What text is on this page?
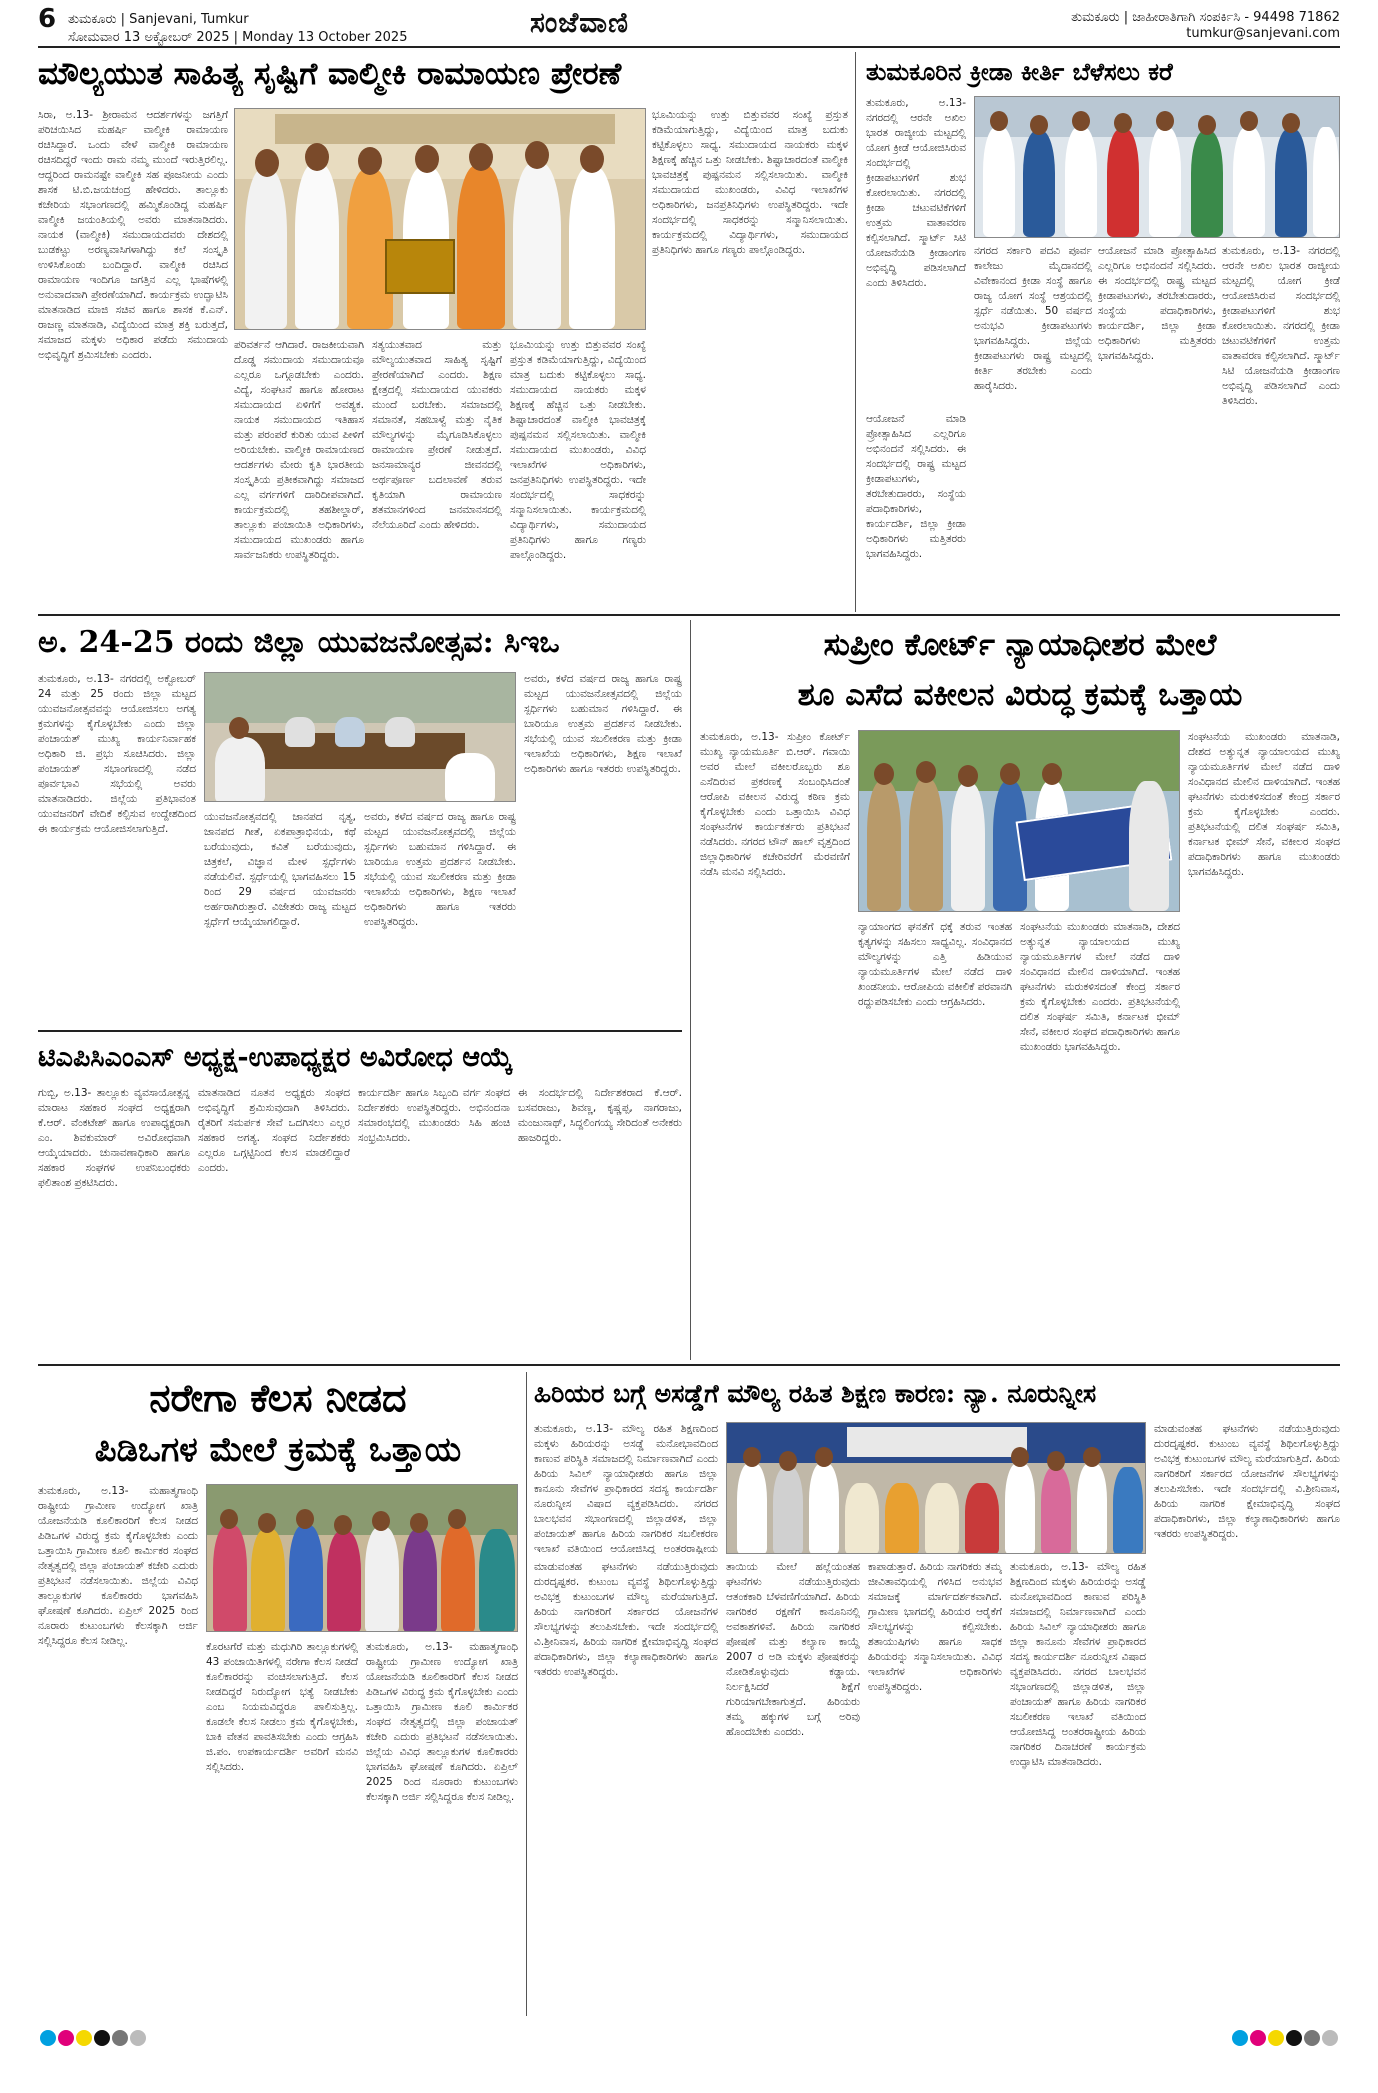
6 ತುಮಕೂರು | Sanjevani, Tumkur
ಸೋಮವಾರ 13 ಅಕ್ಟೋಬರ್ 2025 | Monday 13 October 2025	ಸಂಜೆವಾಣಿ	ತುಮಕೂರು | ಜಾಹೀರಾತಿಗಾಗಿ ಸಂಪರ್ಕಿಸಿ - 94498 71862
tumkur@sanjevani.com
ಮೌಲ್ಯಯುತ ಸಾಹಿತ್ಯ ಸೃಷ್ಟಿಗೆ ವಾಲ್ಮೀಕಿ ರಾಮಾಯಣ ಪ್ರೇರಣೆ
ಸಿರಾ, ಅ.13- ಶ್ರೀರಾಮನ ಆದರ್ಶಗಳನ್ನು ಜಗತ್ತಿಗೆ ಪರಿಚಯಿಸಿದ ಮಹರ್ಷಿ ವಾಲ್ಮೀಕಿ ರಾಮಾಯಣ ರಚಿಸಿದ್ದಾರೆ. ಒಂದು ವೇಳೆ ವಾಲ್ಮೀಕಿ ರಾಮಾಯಣ ರಚಿಸದಿದ್ದರೆ ಇಂದು ರಾಮ ನಮ್ಮ ಮುಂದೆ ಇರುತ್ತಿರಲಿಲ್ಲ. ಆದ್ದರಿಂದ ರಾಮನಷ್ಟೇ ವಾಲ್ಮೀಕಿ ಸಹ ಪೂಜನೀಯ ಎಂದು ಶಾಸಕ ಟಿ.ಬಿ.ಜಯಚಂದ್ರ ಹೇಳಿದರು. ತಾಲ್ಲೂಕು ಕಚೇರಿಯ ಸಭಾಂಗಣದಲ್ಲಿ ಹಮ್ಮಿಕೊಂಡಿದ್ದ ಮಹರ್ಷಿ ವಾಲ್ಮೀಕಿ ಜಯಂತಿಯಲ್ಲಿ ಅವರು ಮಾತನಾಡಿದರು. ನಾಯಕ (ವಾಲ್ಮೀಕಿ) ಸಮುದಾಯದವರು ದೇಶದಲ್ಲಿ ಬುಡಕಟ್ಟು ಅರಣ್ಯವಾಸಿಗಳಾಗಿದ್ದು ಕಲೆ ಸಂಸ್ಕೃತಿ ಉಳಿಸಿಕೊಂಡು ಬಂದಿದ್ದಾರೆ. ವಾಲ್ಮೀಕಿ ರಚಿಸಿದ ರಾಮಾಯಣ ಇಂದಿಗೂ ಜಗತ್ತಿನ ಎಲ್ಲ ಭಾಷೆಗಳಲ್ಲಿ ಅನುವಾದವಾಗಿ ಪ್ರೇರಣೆಯಾಗಿದೆ. ಕಾರ್ಯಕ್ರಮ ಉದ್ಘಾಟಿಸಿ ಮಾತನಾಡಿದ ಮಾಜಿ ಸಚಿವ ಹಾಗೂ ಶಾಸಕ ಕೆ.ಎನ್. ರಾಜಣ್ಣ ಮಾತನಾಡಿ, ವಿದ್ಯೆಯಿಂದ ಮಾತ್ರ ಶಕ್ತಿ ಬರುತ್ತದೆ, ಸಮಾಜದ ಮಕ್ಕಳು ಅಧಿಕಾರ ಪಡೆದು ಸಮುದಾಯ ಅಭಿವೃದ್ಧಿಗೆ ಶ್ರಮಿಸಬೇಕು ಎಂದರು.
ಪರಿವರ್ತನೆ ಆಗಿದಾರೆ. ರಾಜಕೀಯವಾಗಿ ದೊಡ್ಡ ಸಮುದಾಯ ಸಮುದಾಯವೂ ಎಲ್ಲರೂ ಒಗ್ಗೂಡಬೇಕು ಎಂದರು. ವಿದ್ಯೆ, ಸಂಘಟನೆ ಹಾಗೂ ಹೋರಾಟ ಸಮುದಾಯದ ಏಳಿಗೆಗೆ ಅವಶ್ಯಕ. ನಾಯಕ ಸಮುದಾಯದ ಇತಿಹಾಸ ಮತ್ತು ಪರಂಪರೆ ಕುರಿತು ಯುವ ಪೀಳಿಗೆ ಅರಿಯಬೇಕು. ವಾಲ್ಮೀಕಿ ರಾಮಾಯಣದ ಆದರ್ಶಗಳು ಮೇರು ಕೃತಿ ಭಾರತೀಯ ಸಂಸ್ಕೃತಿಯ ಪ್ರತೀಕವಾಗಿದ್ದು ಸಮಾಜದ ಎಲ್ಲ ವರ್ಗಗಳಿಗೆ ದಾರಿದೀಪವಾಗಿದೆ. ಕಾರ್ಯಕ್ರಮದಲ್ಲಿ ತಹಶೀಲ್ದಾರ್, ತಾಲ್ಲೂಕು ಪಂಚಾಯಿತಿ ಅಧಿಕಾರಿಗಳು, ಸಮುದಾಯದ ಮುಖಂಡರು ಹಾಗೂ ಸಾರ್ವಜನಿಕರು ಉಪಸ್ಥಿತರಿದ್ದರು.
ಸತ್ಯಯುತವಾದ ಮತ್ತು ಮೌಲ್ಯಯುತವಾದ ಸಾಹಿತ್ಯ ಸೃಷ್ಟಿಗೆ ಪ್ರೇರಣೆಯಾಗಿದೆ ಎಂದರು. ಶಿಕ್ಷಣ ಕ್ಷೇತ್ರದಲ್ಲಿ ಸಮುದಾಯದ ಯುವಕರು ಮುಂದೆ ಬರಬೇಕು. ಸಮಾಜದಲ್ಲಿ ಸಮಾನತೆ, ಸಹಬಾಳ್ವೆ ಮತ್ತು ನೈತಿಕ ಮೌಲ್ಯಗಳನ್ನು ಮೈಗೂಡಿಸಿಕೊಳ್ಳಲು ರಾಮಾಯಣ ಪ್ರೇರಣೆ ನೀಡುತ್ತದೆ. ಜನಸಾಮಾನ್ಯರ ಜೀವನದಲ್ಲಿ ಅರ್ಥಪೂರ್ಣ ಬದಲಾವಣೆ ತರುವ ಕೃತಿಯಾಗಿ ರಾಮಾಯಣ ಶತಮಾನಗಳಿಂದ ಜನಮಾನಸದಲ್ಲಿ ನೆಲೆಯೂರಿದೆ ಎಂದು ಹೇಳಿದರು.
ಭೂಮಿಯನ್ನು ಉತ್ತು ಬಿತ್ತುವವರ ಸಂಖ್ಯೆ ಪ್ರಸ್ತುತ ಕಡಿಮೆಯಾಗುತ್ತಿದ್ದು, ವಿದ್ಯೆಯಿಂದ ಮಾತ್ರ ಬದುಕು ಕಟ್ಟಿಕೊಳ್ಳಲು ಸಾಧ್ಯ. ಸಮುದಾಯದ ನಾಯಕರು ಮಕ್ಕಳ ಶಿಕ್ಷಣಕ್ಕೆ ಹೆಚ್ಚಿನ ಒತ್ತು ನೀಡಬೇಕು. ಶಿಷ್ಟಾಚಾರದಂತೆ ವಾಲ್ಮೀಕಿ ಭಾವಚಿತ್ರಕ್ಕೆ ಪುಷ್ಪನಮನ ಸಲ್ಲಿಸಲಾಯಿತು. ವಾಲ್ಮೀಕಿ ಸಮುದಾಯದ ಮುಖಂಡರು, ವಿವಿಧ ಇಲಾಖೆಗಳ ಅಧಿಕಾರಿಗಳು, ಜನಪ್ರತಿನಿಧಿಗಳು ಉಪಸ್ಥಿತರಿದ್ದರು. ಇದೇ ಸಂದರ್ಭದಲ್ಲಿ ಸಾಧಕರನ್ನು ಸನ್ಮಾನಿಸಲಾಯಿತು. ಕಾರ್ಯಕ್ರಮದಲ್ಲಿ ವಿದ್ಯಾರ್ಥಿಗಳು, ಸಮುದಾಯದ ಪ್ರತಿನಿಧಿಗಳು ಹಾಗೂ ಗಣ್ಯರು ಪಾಲ್ಗೊಂಡಿದ್ದರು.
ಭೂಮಿಯನ್ನು ಉತ್ತು ಬಿತ್ತುವವರ ಸಂಖ್ಯೆ ಪ್ರಸ್ತುತ ಕಡಿಮೆಯಾಗುತ್ತಿದ್ದು, ವಿದ್ಯೆಯಿಂದ ಮಾತ್ರ ಬದುಕು ಕಟ್ಟಿಕೊಳ್ಳಲು ಸಾಧ್ಯ. ಸಮುದಾಯದ ನಾಯಕರು ಮಕ್ಕಳ ಶಿಕ್ಷಣಕ್ಕೆ ಹೆಚ್ಚಿನ ಒತ್ತು ನೀಡಬೇಕು. ಶಿಷ್ಟಾಚಾರದಂತೆ ವಾಲ್ಮೀಕಿ ಭಾವಚಿತ್ರಕ್ಕೆ ಪುಷ್ಪನಮನ ಸಲ್ಲಿಸಲಾಯಿತು. ವಾಲ್ಮೀಕಿ ಸಮುದಾಯದ ಮುಖಂಡರು, ವಿವಿಧ ಇಲಾಖೆಗಳ ಅಧಿಕಾರಿಗಳು, ಜನಪ್ರತಿನಿಧಿಗಳು ಉಪಸ್ಥಿತರಿದ್ದರು. ಇದೇ ಸಂದರ್ಭದಲ್ಲಿ ಸಾಧಕರನ್ನು ಸನ್ಮಾನಿಸಲಾಯಿತು. ಕಾರ್ಯಕ್ರಮದಲ್ಲಿ ವಿದ್ಯಾರ್ಥಿಗಳು, ಸಮುದಾಯದ ಪ್ರತಿನಿಧಿಗಳು ಹಾಗೂ ಗಣ್ಯರು ಪಾಲ್ಗೊಂಡಿದ್ದರು.
ತುಮಕೂರಿನ ಕ್ರೀಡಾ ಕೀರ್ತಿ ಬೆಳೆಸಲು ಕರೆ
ತುಮಕೂರು, ಅ.13- ನಗರದಲ್ಲಿ ಆರನೇ ಅಖಿಲ ಭಾರತ ರಾಜ್ಯೀಯ ಮಟ್ಟದಲ್ಲಿ ಯೋಗ ಕ್ರೀಡೆ ಆಯೋಜಿಸಿರುವ ಸಂದರ್ಭದಲ್ಲಿ ಕ್ರೀಡಾಪಟುಗಳಿಗೆ ಶುಭ ಕೋರಲಾಯಿತು. ನಗರದಲ್ಲಿ ಕ್ರೀಡಾ ಚಟುವಟಿಕೆಗಳಿಗೆ ಉತ್ತಮ ವಾತಾವರಣ ಕಲ್ಪಿಸಲಾಗಿದೆ. ಸ್ಮಾರ್ಟ್ ಸಿಟಿ ಯೋಜನೆಯಡಿ ಕ್ರೀಡಾಂಗಣ ಅಭಿವೃದ್ಧಿ ಪಡಿಸಲಾಗಿದೆ ಎಂದು ತಿಳಿಸಿದರು.
ನಗರದ ಸರ್ಕಾರಿ ಪದವಿ ಪೂರ್ವ ಕಾಲೇಜು ಮೈದಾನದಲ್ಲಿ ವಿವೇಕಾನಂದ ಕ್ರೀಡಾ ಸಂಸ್ಥೆ ಹಾಗೂ ರಾಜ್ಯ ಯೋಗ ಸಂಸ್ಥೆ ಆಶ್ರಯದಲ್ಲಿ ಸ್ಪರ್ಧೆ ನಡೆಯಿತು. 50 ವರ್ಷದ ಅನುಭವಿ ಕ್ರೀಡಾಪಟುಗಳು ಭಾಗವಹಿಸಿದ್ದರು. ಜಿಲ್ಲೆಯ ಕ್ರೀಡಾಪಟುಗಳು ರಾಷ್ಟ್ರ ಮಟ್ಟದಲ್ಲಿ ಕೀರ್ತಿ ತರಬೇಕು ಎಂದು ಹಾರೈಸಿದರು.
ಆಯೋಜನೆ ಮಾಡಿ ಪ್ರೋತ್ಸಾಹಿಸಿದ ಎಲ್ಲರಿಗೂ ಅಭಿನಂದನೆ ಸಲ್ಲಿಸಿದರು. ಈ ಸಂದರ್ಭದಲ್ಲಿ ರಾಷ್ಟ್ರ ಮಟ್ಟದ ಕ್ರೀಡಾಪಟುಗಳು, ತರಬೇತುದಾರರು, ಸಂಸ್ಥೆಯ ಪದಾಧಿಕಾರಿಗಳು, ಕಾರ್ಯದರ್ಶಿ, ಜಿಲ್ಲಾ ಕ್ರೀಡಾ ಅಧಿಕಾರಿಗಳು ಮತ್ತಿತರರು ಭಾಗವಹಿಸಿದ್ದರು.
ತುಮಕೂರು, ಅ.13- ನಗರದಲ್ಲಿ ಆರನೇ ಅಖಿಲ ಭಾರತ ರಾಜ್ಯೀಯ ಮಟ್ಟದಲ್ಲಿ ಯೋಗ ಕ್ರೀಡೆ ಆಯೋಜಿಸಿರುವ ಸಂದರ್ಭದಲ್ಲಿ ಕ್ರೀಡಾಪಟುಗಳಿಗೆ ಶುಭ ಕೋರಲಾಯಿತು. ನಗರದಲ್ಲಿ ಕ್ರೀಡಾ ಚಟುವಟಿಕೆಗಳಿಗೆ ಉತ್ತಮ ವಾತಾವರಣ ಕಲ್ಪಿಸಲಾಗಿದೆ. ಸ್ಮಾರ್ಟ್ ಸಿಟಿ ಯೋಜನೆಯಡಿ ಕ್ರೀಡಾಂಗಣ ಅಭಿವೃದ್ಧಿ ಪಡಿಸಲಾಗಿದೆ ಎಂದು ತಿಳಿಸಿದರು.
ಆಯೋಜನೆ ಮಾಡಿ ಪ್ರೋತ್ಸಾಹಿಸಿದ ಎಲ್ಲರಿಗೂ ಅಭಿನಂದನೆ ಸಲ್ಲಿಸಿದರು. ಈ ಸಂದರ್ಭದಲ್ಲಿ ರಾಷ್ಟ್ರ ಮಟ್ಟದ ಕ್ರೀಡಾಪಟುಗಳು, ತರಬೇತುದಾರರು, ಸಂಸ್ಥೆಯ ಪದಾಧಿಕಾರಿಗಳು, ಕಾರ್ಯದರ್ಶಿ, ಜಿಲ್ಲಾ ಕ್ರೀಡಾ ಅಧಿಕಾರಿಗಳು ಮತ್ತಿತರರು ಭಾಗವಹಿಸಿದ್ದರು.
ಅ. 24-25 ರಂದು ಜಿಲ್ಲಾ ಯುವಜನೋತ್ಸವ: ಸಿಇಒ
ತುಮಕೂರು, ಅ.13- ನಗರದಲ್ಲಿ ಅಕ್ಟೋಬರ್ 24 ಮತ್ತು 25 ರಂದು ಜಿಲ್ಲಾ ಮಟ್ಟದ ಯುವಜನೋತ್ಸವವನ್ನು ಆಯೋಜಿಸಲು ಅಗತ್ಯ ಕ್ರಮಗಳನ್ನು ಕೈಗೊಳ್ಳಬೇಕು ಎಂದು ಜಿಲ್ಲಾ ಪಂಚಾಯತ್ ಮುಖ್ಯ ಕಾರ್ಯನಿರ್ವಾಹಕ ಅಧಿಕಾರಿ ಜಿ. ಪ್ರಭು ಸೂಚಿಸಿದರು. ಜಿಲ್ಲಾ ಪಂಚಾಯತ್ ಸಭಾಂಗಣದಲ್ಲಿ ನಡೆದ ಪೂರ್ವಭಾವಿ ಸಭೆಯಲ್ಲಿ ಅವರು ಮಾತನಾಡಿದರು. ಜಿಲ್ಲೆಯ ಪ್ರತಿಭಾವಂತ ಯುವಜನರಿಗೆ ವೇದಿಕೆ ಕಲ್ಪಿಸುವ ಉದ್ದೇಶದಿಂದ ಈ ಕಾರ್ಯಕ್ರಮ ಆಯೋಜಿಸಲಾಗುತ್ತಿದೆ.
ಯುವಜನೋತ್ಸವದಲ್ಲಿ ಜಾನಪದ ನೃತ್ಯ, ಜಾನಪದ ಗೀತೆ, ಏಕಪಾತ್ರಾಭಿನಯ, ಕಥೆ ಬರೆಯುವುದು, ಕವಿತೆ ಬರೆಯುವುದು, ಚಿತ್ರಕಲೆ, ವಿಜ್ಞಾನ ಮೇಳ ಸ್ಪರ್ಧೆಗಳು ನಡೆಯಲಿವೆ. ಸ್ಪರ್ಧೆಯಲ್ಲಿ ಭಾಗವಹಿಸಲು 15 ರಿಂದ 29 ವರ್ಷದ ಯುವಜನರು ಅರ್ಹರಾಗಿರುತ್ತಾರೆ. ವಿಜೇತರು ರಾಜ್ಯ ಮಟ್ಟದ ಸ್ಪರ್ಧೆಗೆ ಆಯ್ಕೆಯಾಗಲಿದ್ದಾರೆ.
ಅವರು, ಕಳೆದ ವರ್ಷದ ರಾಜ್ಯ ಹಾಗೂ ರಾಷ್ಟ್ರ ಮಟ್ಟದ ಯುವಜನೋತ್ಸವದಲ್ಲಿ ಜಿಲ್ಲೆಯ ಸ್ಪರ್ಧಿಗಳು ಬಹುಮಾನ ಗಳಿಸಿದ್ದಾರೆ. ಈ ಬಾರಿಯೂ ಉತ್ತಮ ಪ್ರದರ್ಶನ ನೀಡಬೇಕು. ಸಭೆಯಲ್ಲಿ ಯುವ ಸಬಲೀಕರಣ ಮತ್ತು ಕ್ರೀಡಾ ಇಲಾಖೆಯ ಅಧಿಕಾರಿಗಳು, ಶಿಕ್ಷಣ ಇಲಾಖೆ ಅಧಿಕಾರಿಗಳು ಹಾಗೂ ಇತರರು ಉಪಸ್ಥಿತರಿದ್ದರು.
ಅವರು, ಕಳೆದ ವರ್ಷದ ರಾಜ್ಯ ಹಾಗೂ ರಾಷ್ಟ್ರ ಮಟ್ಟದ ಯುವಜನೋತ್ಸವದಲ್ಲಿ ಜಿಲ್ಲೆಯ ಸ್ಪರ್ಧಿಗಳು ಬಹುಮಾನ ಗಳಿಸಿದ್ದಾರೆ. ಈ ಬಾರಿಯೂ ಉತ್ತಮ ಪ್ರದರ್ಶನ ನೀಡಬೇಕು. ಸಭೆಯಲ್ಲಿ ಯುವ ಸಬಲೀಕರಣ ಮತ್ತು ಕ್ರೀಡಾ ಇಲಾಖೆಯ ಅಧಿಕಾರಿಗಳು, ಶಿಕ್ಷಣ ಇಲಾಖೆ ಅಧಿಕಾರಿಗಳು ಹಾಗೂ ಇತರರು ಉಪಸ್ಥಿತರಿದ್ದರು.
ಟಿಎಪಿಸಿಎಂಎಸ್ ಅಧ್ಯಕ್ಷ-ಉಪಾಧ್ಯಕ್ಷರ ಅವಿರೋಧ ಆಯ್ಕೆ
ಗುಬ್ಬಿ, ಅ.13- ತಾಲ್ಲೂಕು ವ್ಯವಸಾಯೋತ್ಪನ್ನ ಮಾರಾಟ ಸಹಕಾರ ಸಂಘದ ಅಧ್ಯಕ್ಷರಾಗಿ ಕೆ.ಆರ್. ವೆಂಕಟೇಶ್ ಹಾಗೂ ಉಪಾಧ್ಯಕ್ಷರಾಗಿ ಎಂ. ಶಿವಕುಮಾರ್ ಅವಿರೋಧವಾಗಿ ಆಯ್ಕೆಯಾದರು. ಚುನಾವಣಾಧಿಕಾರಿ ಹಾಗೂ ಸಹಕಾರ ಸಂಘಗಳ ಉಪನಿಬಂಧಕರು ಫಲಿತಾಂಶ ಪ್ರಕಟಿಸಿದರು.
ಮಾತನಾಡಿದ ನೂತನ ಅಧ್ಯಕ್ಷರು ಸಂಘದ ಅಭಿವೃದ್ಧಿಗೆ ಶ್ರಮಿಸುವುದಾಗಿ ತಿಳಿಸಿದರು. ರೈತರಿಗೆ ಸಮರ್ಪಕ ಸೇವೆ ಒದಗಿಸಲು ಎಲ್ಲರ ಸಹಕಾರ ಅಗತ್ಯ. ಸಂಘದ ನಿರ್ದೇಶಕರು ಎಲ್ಲರೂ ಒಗ್ಗಟ್ಟಿನಿಂದ ಕೆಲಸ ಮಾಡಲಿದ್ದಾರೆ ಎಂದರು.
ಕಾರ್ಯದರ್ಶಿ ಹಾಗೂ ಸಿಬ್ಬಂದಿ ವರ್ಗ ಸಂಘದ ನಿರ್ದೇಶಕರು ಉಪಸ್ಥಿತರಿದ್ದರು. ಅಭಿನಂದನಾ ಸಮಾರಂಭದಲ್ಲಿ ಮುಖಂಡರು ಸಿಹಿ ಹಂಚಿ ಸಂಭ್ರಮಿಸಿದರು.
ಈ ಸಂದರ್ಭದಲ್ಲಿ ನಿರ್ದೇಶಕರಾದ ಕೆ.ಆರ್. ಬಸವರಾಜು, ಶಿವಣ್ಣ, ಕೃಷ್ಣಪ್ಪ, ನಾಗರಾಜು, ಮಂಜುನಾಥ್, ಸಿದ್ದಲಿಂಗಯ್ಯ ಸೇರಿದಂತೆ ಅನೇಕರು ಹಾಜರಿದ್ದರು.
ಸುಪ್ರೀಂ ಕೋರ್ಟ್ ನ್ಯಾಯಾಧೀಶರ ಮೇಲೆ
ಶೂ ಎಸೆದ ವಕೀಲನ ವಿರುದ್ಧ ಕ್ರಮಕ್ಕೆ ಒತ್ತಾಯ
ತುಮಕೂರು, ಅ.13- ಸುಪ್ರೀಂ ಕೋರ್ಟ್ ಮುಖ್ಯ ನ್ಯಾಯಮೂರ್ತಿ ಬಿ.ಆರ್. ಗವಾಯಿ ಅವರ ಮೇಲೆ ವಕೀಲರೊಬ್ಬರು ಶೂ ಎಸೆದಿರುವ ಪ್ರಕರಣಕ್ಕೆ ಸಂಬಂಧಿಸಿದಂತೆ ಆರೋಪಿ ವಕೀಲನ ವಿರುದ್ಧ ಕಠಿಣ ಕ್ರಮ ಕೈಗೊಳ್ಳಬೇಕು ಎಂದು ಒತ್ತಾಯಿಸಿ ವಿವಿಧ ಸಂಘಟನೆಗಳ ಕಾರ್ಯಕರ್ತರು ಪ್ರತಿಭಟನೆ ನಡೆಸಿದರು. ನಗರದ ಟೌನ್ ಹಾಲ್ ವೃತ್ತದಿಂದ ಜಿಲ್ಲಾಧಿಕಾರಿಗಳ ಕಚೇರಿವರೆಗೆ ಮೆರವಣಿಗೆ ನಡೆಸಿ ಮನವಿ ಸಲ್ಲಿಸಿದರು.
ನ್ಯಾಯಾಂಗದ ಘನತೆಗೆ ಧಕ್ಕೆ ತರುವ ಇಂತಹ ಕೃತ್ಯಗಳನ್ನು ಸಹಿಸಲು ಸಾಧ್ಯವಿಲ್ಲ. ಸಂವಿಧಾನದ ಮೌಲ್ಯಗಳನ್ನು ಎತ್ತಿ ಹಿಡಿಯುವ ನ್ಯಾಯಮೂರ್ತಿಗಳ ಮೇಲೆ ನಡೆದ ದಾಳಿ ಖಂಡನೀಯ. ಆರೋಪಿಯ ವಕೀಲಿಕೆ ಪರವಾನಗಿ ರದ್ದುಪಡಿಸಬೇಕು ಎಂದು ಆಗ್ರಹಿಸಿದರು.
ಸಂಘಟನೆಯ ಮುಖಂಡರು ಮಾತನಾಡಿ, ದೇಶದ ಅತ್ಯುನ್ನತ ನ್ಯಾಯಾಲಯದ ಮುಖ್ಯ ನ್ಯಾಯಮೂರ್ತಿಗಳ ಮೇಲೆ ನಡೆದ ದಾಳಿ ಸಂವಿಧಾನದ ಮೇಲಿನ ದಾಳಿಯಾಗಿದೆ. ಇಂತಹ ಘಟನೆಗಳು ಮರುಕಳಿಸದಂತೆ ಕೇಂದ್ರ ಸರ್ಕಾರ ಕ್ರಮ ಕೈಗೊಳ್ಳಬೇಕು ಎಂದರು. ಪ್ರತಿಭಟನೆಯಲ್ಲಿ ದಲಿತ ಸಂಘರ್ಷ ಸಮಿತಿ, ಕರ್ನಾಟಕ ಭೀಮ್ ಸೇನೆ, ವಕೀಲರ ಸಂಘದ ಪದಾಧಿಕಾರಿಗಳು ಹಾಗೂ ಮುಖಂಡರು ಭಾಗವಹಿಸಿದ್ದರು.
ಸಂಘಟನೆಯ ಮುಖಂಡರು ಮಾತನಾಡಿ, ದೇಶದ ಅತ್ಯುನ್ನತ ನ್ಯಾಯಾಲಯದ ಮುಖ್ಯ ನ್ಯಾಯಮೂರ್ತಿಗಳ ಮೇಲೆ ನಡೆದ ದಾಳಿ ಸಂವಿಧಾನದ ಮೇಲಿನ ದಾಳಿಯಾಗಿದೆ. ಇಂತಹ ಘಟನೆಗಳು ಮರುಕಳಿಸದಂತೆ ಕೇಂದ್ರ ಸರ್ಕಾರ ಕ್ರಮ ಕೈಗೊಳ್ಳಬೇಕು ಎಂದರು. ಪ್ರತಿಭಟನೆಯಲ್ಲಿ ದಲಿತ ಸಂಘರ್ಷ ಸಮಿತಿ, ಕರ್ನಾಟಕ ಭೀಮ್ ಸೇನೆ, ವಕೀಲರ ಸಂಘದ ಪದಾಧಿಕಾರಿಗಳು ಹಾಗೂ ಮುಖಂಡರು ಭಾಗವಹಿಸಿದ್ದರು.
ನರೇಗಾ ಕೆಲಸ ನೀಡದ
ಪಿಡಿಒಗಳ ಮೇಲೆ ಕ್ರಮಕ್ಕೆ ಒತ್ತಾಯ
ತುಮಕೂರು, ಅ.13- ಮಹಾತ್ಮಗಾಂಧಿ ರಾಷ್ಟ್ರೀಯ ಗ್ರಾಮೀಣ ಉದ್ಯೋಗ ಖಾತ್ರಿ ಯೋಜನೆಯಡಿ ಕೂಲಿಕಾರರಿಗೆ ಕೆಲಸ ನೀಡದ ಪಿಡಿಒಗಳ ವಿರುದ್ಧ ಕ್ರಮ ಕೈಗೊಳ್ಳಬೇಕು ಎಂದು ಒತ್ತಾಯಿಸಿ ಗ್ರಾಮೀಣ ಕೂಲಿ ಕಾರ್ಮಿಕರ ಸಂಘದ ನೇತೃತ್ವದಲ್ಲಿ ಜಿಲ್ಲಾ ಪಂಚಾಯತ್ ಕಚೇರಿ ಎದುರು ಪ್ರತಿಭಟನೆ ನಡೆಸಲಾಯಿತು. ಜಿಲ್ಲೆಯ ವಿವಿಧ ತಾಲ್ಲೂಕುಗಳ ಕೂಲಿಕಾರರು ಭಾಗವಹಿಸಿ ಘೋಷಣೆ ಕೂಗಿದರು. ಏಪ್ರಿಲ್ 2025 ರಿಂದ ನೂರಾರು ಕುಟುಂಬಗಳು ಕೆಲಸಕ್ಕಾಗಿ ಅರ್ಜಿ ಸಲ್ಲಿಸಿದ್ದರೂ ಕೆಲಸ ನೀಡಿಲ್ಲ.	ಕೊರಟಗೆರೆ ಮತ್ತು ಮಧುಗಿರಿ ತಾಲ್ಲೂಕುಗಳಲ್ಲಿ 43 ಪಂಚಾಯಿತಿಗಳಲ್ಲಿ ನರೇಗಾ ಕೆಲಸ ನೀಡದೆ ಕೂಲಿಕಾರರನ್ನು ವಂಚಿಸಲಾಗುತ್ತಿದೆ. ಕೆಲಸ ನೀಡದಿದ್ದರೆ ನಿರುದ್ಯೋಗ ಭತ್ಯೆ ನೀಡಬೇಕು ಎಂಬ ನಿಯಮವಿದ್ದರೂ ಪಾಲಿಸುತ್ತಿಲ್ಲ. ಕೂಡಲೇ ಕೆಲಸ ನೀಡಲು ಕ್ರಮ ಕೈಗೊಳ್ಳಬೇಕು, ಬಾಕಿ ವೇತನ ಪಾವತಿಸಬೇಕು ಎಂದು ಆಗ್ರಹಿಸಿ ಜಿ.ಪಂ. ಉಪಕಾರ್ಯದರ್ಶಿ ಅವರಿಗೆ ಮನವಿ ಸಲ್ಲಿಸಿದರು.
ತುಮಕೂರು, ಅ.13- ಮಹಾತ್ಮಗಾಂಧಿ ರಾಷ್ಟ್ರೀಯ ಗ್ರಾಮೀಣ ಉದ್ಯೋಗ ಖಾತ್ರಿ ಯೋಜನೆಯಡಿ ಕೂಲಿಕಾರರಿಗೆ ಕೆಲಸ ನೀಡದ ಪಿಡಿಒಗಳ ವಿರುದ್ಧ ಕ್ರಮ ಕೈಗೊಳ್ಳಬೇಕು ಎಂದು ಒತ್ತಾಯಿಸಿ ಗ್ರಾಮೀಣ ಕೂಲಿ ಕಾರ್ಮಿಕರ ಸಂಘದ ನೇತೃತ್ವದಲ್ಲಿ ಜಿಲ್ಲಾ ಪಂಚಾಯತ್ ಕಚೇರಿ ಎದುರು ಪ್ರತಿಭಟನೆ ನಡೆಸಲಾಯಿತು. ಜಿಲ್ಲೆಯ ವಿವಿಧ ತಾಲ್ಲೂಕುಗಳ ಕೂಲಿಕಾರರು ಭಾಗವಹಿಸಿ ಘೋಷಣೆ ಕೂಗಿದರು. ಏಪ್ರಿಲ್ 2025 ರಿಂದ ನೂರಾರು ಕುಟುಂಬಗಳು ಕೆಲಸಕ್ಕಾಗಿ ಅರ್ಜಿ ಸಲ್ಲಿಸಿದ್ದರೂ ಕೆಲಸ ನೀಡಿಲ್ಲ.
ಹಿರಿಯರ ಬಗ್ಗೆ ಅಸಡ್ಡೆಗೆ ಮೌಲ್ಯ ರಹಿತ ಶಿಕ್ಷಣ ಕಾರಣ: ನ್ಯಾ. ನೂರುನ್ನೀಸ
ತುಮಕೂರು, ಅ.13- ಮೌಲ್ಯ ರಹಿತ ಶಿಕ್ಷಣದಿಂದ ಮಕ್ಕಳು ಹಿರಿಯರನ್ನು ಅಸಡ್ಡೆ ಮನೋಭಾವದಿಂದ ಕಾಣುವ ಪರಿಸ್ಥಿತಿ ಸಮಾಜದಲ್ಲಿ ನಿರ್ಮಾಣವಾಗಿದೆ ಎಂದು ಹಿರಿಯ ಸಿವಿಲ್ ನ್ಯಾಯಾಧೀಶರು ಹಾಗೂ ಜಿಲ್ಲಾ ಕಾನೂನು ಸೇವೆಗಳ ಪ್ರಾಧಿಕಾರದ ಸದಸ್ಯ ಕಾರ್ಯದರ್ಶಿ ನೂರುನ್ನೀಸ ವಿಷಾದ ವ್ಯಕ್ತಪಡಿಸಿದರು. ನಗರದ ಬಾಲಭವನ ಸಭಾಂಗಣದಲ್ಲಿ ಜಿಲ್ಲಾಡಳಿತ, ಜಿಲ್ಲಾ ಪಂಚಾಯತ್ ಹಾಗೂ ಹಿರಿಯ ನಾಗರಿಕರ ಸಬಲೀಕರಣ ಇಲಾಖೆ ವತಿಯಿಂದ ಆಯೋಜಿಸಿದ್ದ ಅಂತರರಾಷ್ಟ್ರೀಯ
ಮಾಡುವಂತಹ ಘಟನೆಗಳು ನಡೆಯುತ್ತಿರುವುದು ದುರದೃಷ್ಟಕರ. ಕುಟುಂಬ ವ್ಯವಸ್ಥೆ ಶಿಥಿಲಗೊಳ್ಳುತ್ತಿದ್ದು ಅವಿಭಕ್ತ ಕುಟುಂಬಗಳ ಮೌಲ್ಯ ಮರೆಯಾಗುತ್ತಿದೆ. ಹಿರಿಯ ನಾಗರಿಕರಿಗೆ ಸರ್ಕಾರದ ಯೋಜನೆಗಳ ಸೌಲಭ್ಯಗಳನ್ನು ತಲುಪಿಸಬೇಕು. ಇದೇ ಸಂದರ್ಭದಲ್ಲಿ ವಿ.ಶ್ರೀನಿವಾಸ, ಹಿರಿಯ ನಾಗರಿಕ ಕ್ಷೇಮಾಭಿವೃದ್ಧಿ ಸಂಘದ ಪದಾಧಿಕಾರಿಗಳು, ಜಿಲ್ಲಾ ಕಲ್ಯಾಣಾಧಿಕಾರಿಗಳು ಹಾಗೂ ಇತರರು ಉಪಸ್ಥಿತರಿದ್ದರು.
ಮಾಡುವಂತಹ ಘಟನೆಗಳು ನಡೆಯುತ್ತಿರುವುದು ದುರದೃಷ್ಟಕರ. ಕುಟುಂಬ ವ್ಯವಸ್ಥೆ ಶಿಥಿಲಗೊಳ್ಳುತ್ತಿದ್ದು ಅವಿಭಕ್ತ ಕುಟುಂಬಗಳ ಮೌಲ್ಯ ಮರೆಯಾಗುತ್ತಿದೆ. ಹಿರಿಯ ನಾಗರಿಕರಿಗೆ ಸರ್ಕಾರದ ಯೋಜನೆಗಳ ಸೌಲಭ್ಯಗಳನ್ನು ತಲುಪಿಸಬೇಕು. ಇದೇ ಸಂದರ್ಭದಲ್ಲಿ ವಿ.ಶ್ರೀನಿವಾಸ, ಹಿರಿಯ ನಾಗರಿಕ ಕ್ಷೇಮಾಭಿವೃದ್ಧಿ ಸಂಘದ ಪದಾಧಿಕಾರಿಗಳು, ಜಿಲ್ಲಾ ಕಲ್ಯಾಣಾಧಿಕಾರಿಗಳು ಹಾಗೂ ಇತರರು ಉಪಸ್ಥಿತರಿದ್ದರು.
ತಾಯಿಯ ಮೇಲೆ ಹಲ್ಲೆಯಂತಹ ಘಟನೆಗಳು ನಡೆಯುತ್ತಿರುವುದು ಆತಂಕಕಾರಿ ಬೆಳವಣಿಗೆಯಾಗಿದೆ. ಹಿರಿಯ ನಾಗರಿಕರ ರಕ್ಷಣೆಗೆ ಕಾನೂನಿನಲ್ಲಿ ಅವಕಾಶಗಳಿವೆ. ಹಿರಿಯ ನಾಗರಿಕರ ಪೋಷಣೆ ಮತ್ತು ಕಲ್ಯಾಣ ಕಾಯ್ದೆ 2007 ರ ಅಡಿ ಮಕ್ಕಳು ಪೋಷಕರನ್ನು ನೋಡಿಕೊಳ್ಳುವುದು ಕಡ್ಡಾಯ. ನಿರ್ಲಕ್ಷಿಸಿದರೆ ಶಿಕ್ಷೆಗೆ ಗುರಿಯಾಗಬೇಕಾಗುತ್ತದೆ. ಹಿರಿಯರು ತಮ್ಮ ಹಕ್ಕುಗಳ ಬಗ್ಗೆ ಅರಿವು ಹೊಂದಬೇಕು ಎಂದರು.
ಕಾಪಾಡುತ್ತಾರೆ. ಹಿರಿಯ ನಾಗರಿಕರು ತಮ್ಮ ಜೀವಿತಾವಧಿಯಲ್ಲಿ ಗಳಿಸಿದ ಅನುಭವ ಸಮಾಜಕ್ಕೆ ಮಾರ್ಗದರ್ಶಕವಾಗಿದೆ. ಗ್ರಾಮೀಣ ಭಾಗದಲ್ಲಿ ಹಿರಿಯರ ಆರೈಕೆಗೆ ಸೌಲಭ್ಯಗಳನ್ನು ಕಲ್ಪಿಸಬೇಕು. ಶತಾಯುಷಿಗಳು ಹಾಗೂ ಸಾಧಕ ಹಿರಿಯರನ್ನು ಸನ್ಮಾನಿಸಲಾಯಿತು. ವಿವಿಧ ಇಲಾಖೆಗಳ ಅಧಿಕಾರಿಗಳು ಉಪಸ್ಥಿತರಿದ್ದರು.
ತುಮಕೂರು, ಅ.13- ಮೌಲ್ಯ ರಹಿತ ಶಿಕ್ಷಣದಿಂದ ಮಕ್ಕಳು ಹಿರಿಯರನ್ನು ಅಸಡ್ಡೆ ಮನೋಭಾವದಿಂದ ಕಾಣುವ ಪರಿಸ್ಥಿತಿ ಸಮಾಜದಲ್ಲಿ ನಿರ್ಮಾಣವಾಗಿದೆ ಎಂದು ಹಿರಿಯ ಸಿವಿಲ್ ನ್ಯಾಯಾಧೀಶರು ಹಾಗೂ ಜಿಲ್ಲಾ ಕಾನೂನು ಸೇವೆಗಳ ಪ್ರಾಧಿಕಾರದ ಸದಸ್ಯ ಕಾರ್ಯದರ್ಶಿ ನೂರುನ್ನೀಸ ವಿಷಾದ ವ್ಯಕ್ತಪಡಿಸಿದರು. ನಗರದ ಬಾಲಭವನ ಸಭಾಂಗಣದಲ್ಲಿ ಜಿಲ್ಲಾಡಳಿತ, ಜಿಲ್ಲಾ ಪಂಚಾಯತ್ ಹಾಗೂ ಹಿರಿಯ ನಾಗರಿಕರ ಸಬಲೀಕರಣ ಇಲಾಖೆ ವತಿಯಿಂದ ಆಯೋಜಿಸಿದ್ದ ಅಂತರರಾಷ್ಟ್ರೀಯ ಹಿರಿಯ ನಾಗರಿಕರ ದಿನಾಚರಣೆ ಕಾರ್ಯಕ್ರಮ ಉದ್ಘಾಟಿಸಿ ಮಾತನಾಡಿದರು.
